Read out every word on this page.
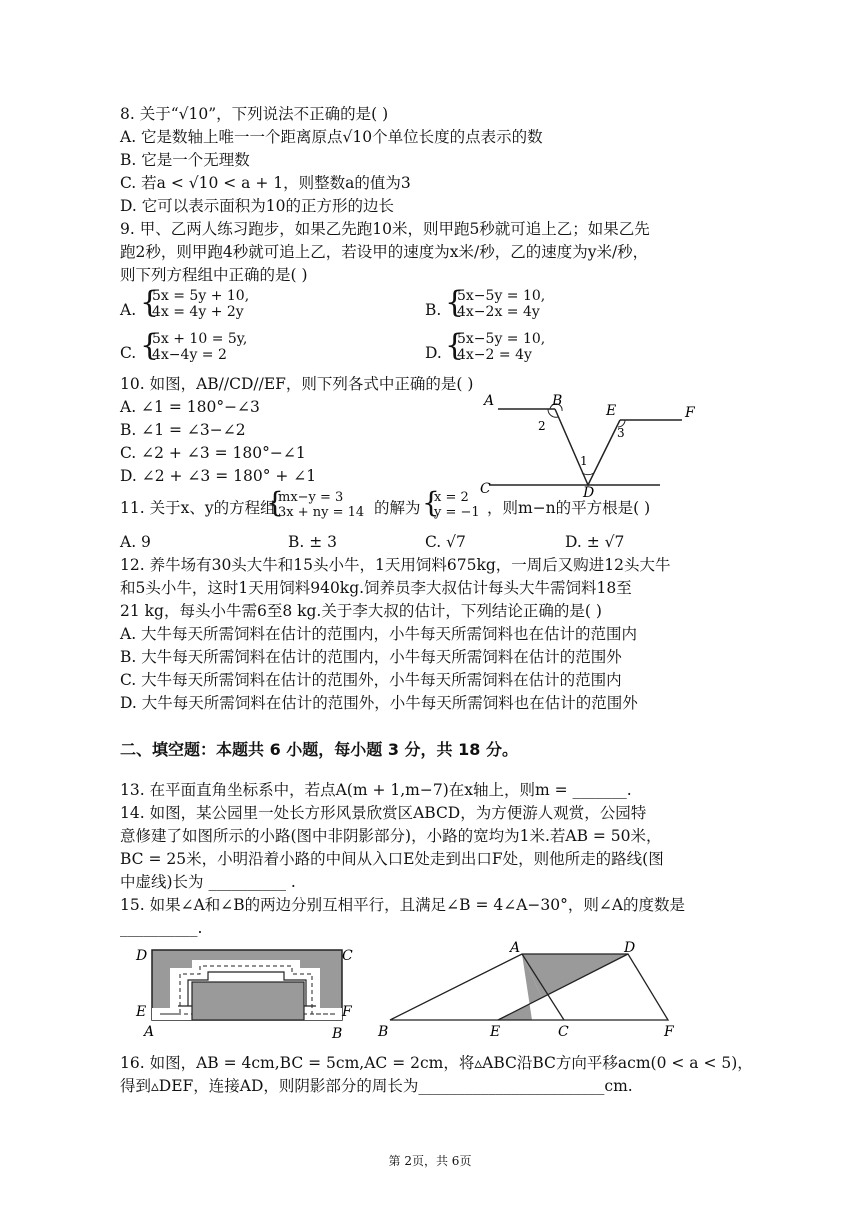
8. 关于“√10”，下列说法不正确的是( )
A. 它是数轴上唯一一个距离原点√10个单位长度的点表示的数
B. 它是一个无理数
C. 若a < √10 < a + 1，则整数a的值为3
D. 它可以表示面积为10的正方形的边长
9. 甲、乙两人练习跑步，如果乙先跑10米，则甲跑5秒就可追上乙；如果乙先
跑2秒，则甲跑4秒就可追上乙，若设甲的速度为x米/秒，乙的速度为y米/秒，
则下列方程组中正确的是( )
A. {
5x = 5y + 10,
4x = 4y + 2y	B. {
5x−5y = 10,
4x−2x = 4y
C. {
5x + 10 = 5y,
4x−4y = 2	D. {
5x−5y = 10,
4x−2 = 4y
10. 如图，AB//CD//EF，则下列各式中正确的是( )
A. ∠1 = 180°−∠3
B. ∠1 = ∠3−∠2
C. ∠2 + ∠3 = 180°−∠1
D. ∠2 + ∠3 = 180° + ∠1
A	B
E	F
C	D
1
2	3
11. 关于x、y的方程组
{
mx−y = 3
3x + ny = 14 的解为 {
x = 2
y = −1 ，则m−n的平方根是( )
A. 9	B. ± 3	C. √7	D. ± √7
12. 养牛场有30头大牛和15头小牛，1天用饲料675kg，一周后又购进12头大牛
和5头小牛，这时1天用饲料940kg.饲养员李大叔估计每头大牛需饲料18至
21 kg，每头小牛需6至8 kg.关于李大叔的估计，下列结论正确的是( )
A. 大牛每天所需饲料在估计的范围内，小牛每天所需饲料也在估计的范围内
B. 大牛每天所需饲料在估计的范围内，小牛每天所需饲料在估计的范围外
C. 大牛每天所需饲料在估计的范围外，小牛每天所需饲料在估计的范围内
D. 大牛每天所需饲料在估计的范围外，小牛每天所需饲料也在估计的范围外
二、填空题：本题共 6 小题，每小题 3 分，共 18 分。
13. 在平面直角坐标系中，若点A(m + 1,m−7)在x轴上，则m = _______.
14. 如图，某公园里一处长方形风景欣赏区ABCD，为方便游人观赏，公园特
意修建了如图所示的小路(图中非阴影部分)，小路的宽均为1米.若AB = 50米，
BC = 25米，小明沿着小路的中间从入口E处走到出口F处，则他所走的路线(图
中虚线)长为 __________ .
15. 如果∠A和∠B的两边分别互相平行，且满足∠B = 4∠A−30°，则∠A的度数是
__________.
D	C
E	F
A	B
A	D
B	E	C	F
16. 如图，AB = 4cm,BC = 5cm,AC = 2cm，将▵ABC沿BC方向平移acm(0 < a < 5)，
得到▵DEF，连接AD，则阴影部分的周长为________________________cm.
第 2页，共 6页
